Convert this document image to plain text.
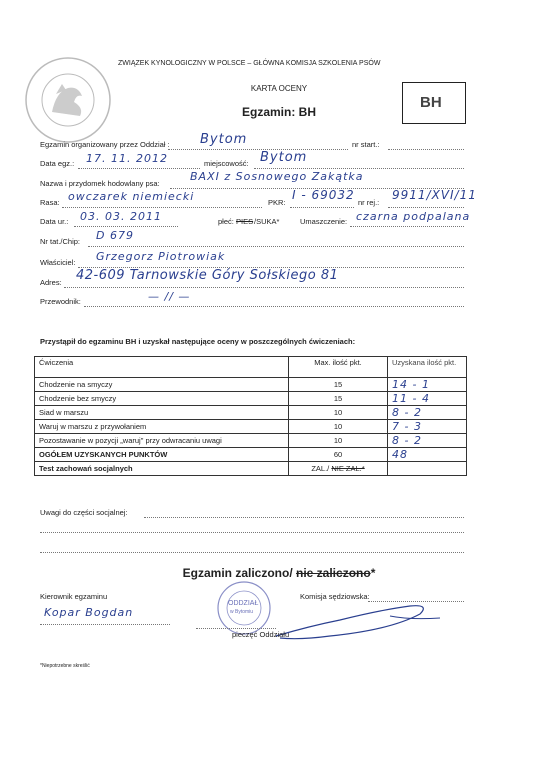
ZWIĄZEK KYNOLOGICZNY W POLSCE – GŁÓWNA KOMISJA SZKOLENIA PSÓW
KARTA OCENY
Egzamin: BH
BH
Egzamin organizowany przez Oddział : Bytom	nr start.:
Data egz.: 17. 11. 2012	miejscowość: Bytom
Nazwa i przydomek hodowlany psa:
BAXI z Sosnowego Zakątka
Rasa: owczarek niemiecki	PKR:
I - 69032
nr rej.:
9911/XVI/11
Data ur.: 03. 03. 2011	płeć: PIES /SUKA*	Umaszczenie: czarna podpalana
Nr tat./Chip: D 679
Właściciel: Grzegorz Piotrowiak
Adres: 42-609 Tarnowskie Góry Sołskiego 81
Przewodnik:	— // —
Przystąpił do egzaminu BH i uzyskał następujące oceny w poszczególnych ćwiczeniach:
Ćwiczenia	Max. ilość pkt.	Uzyskana ilość pkt.
Chodzenie na smyczy	15	14 - 1
Chodzenie bez smyczy	15	11 - 4
Siad w marszu	10	8 - 2
Waruj w marszu z przywołaniem	10	7 - 3
Pozostawanie w pozycji „waruj" przy odwracaniu uwagi	10	8 - 2
OGÓŁEM UZYSKANYCH PUNKTÓW	60	48
Test zachowań socjalnych	ZAL./ NIE ZAL.*	
Uwagi do części socjalnej:
Egzamin zaliczono/ nie zaliczono*
Kierownik egzaminu
Kopar Bogdan
ODDZIAŁ
w Bytomiu
Komisja sędziowska:
pieczęć Oddziału
*Niepotrzebne skreślić
